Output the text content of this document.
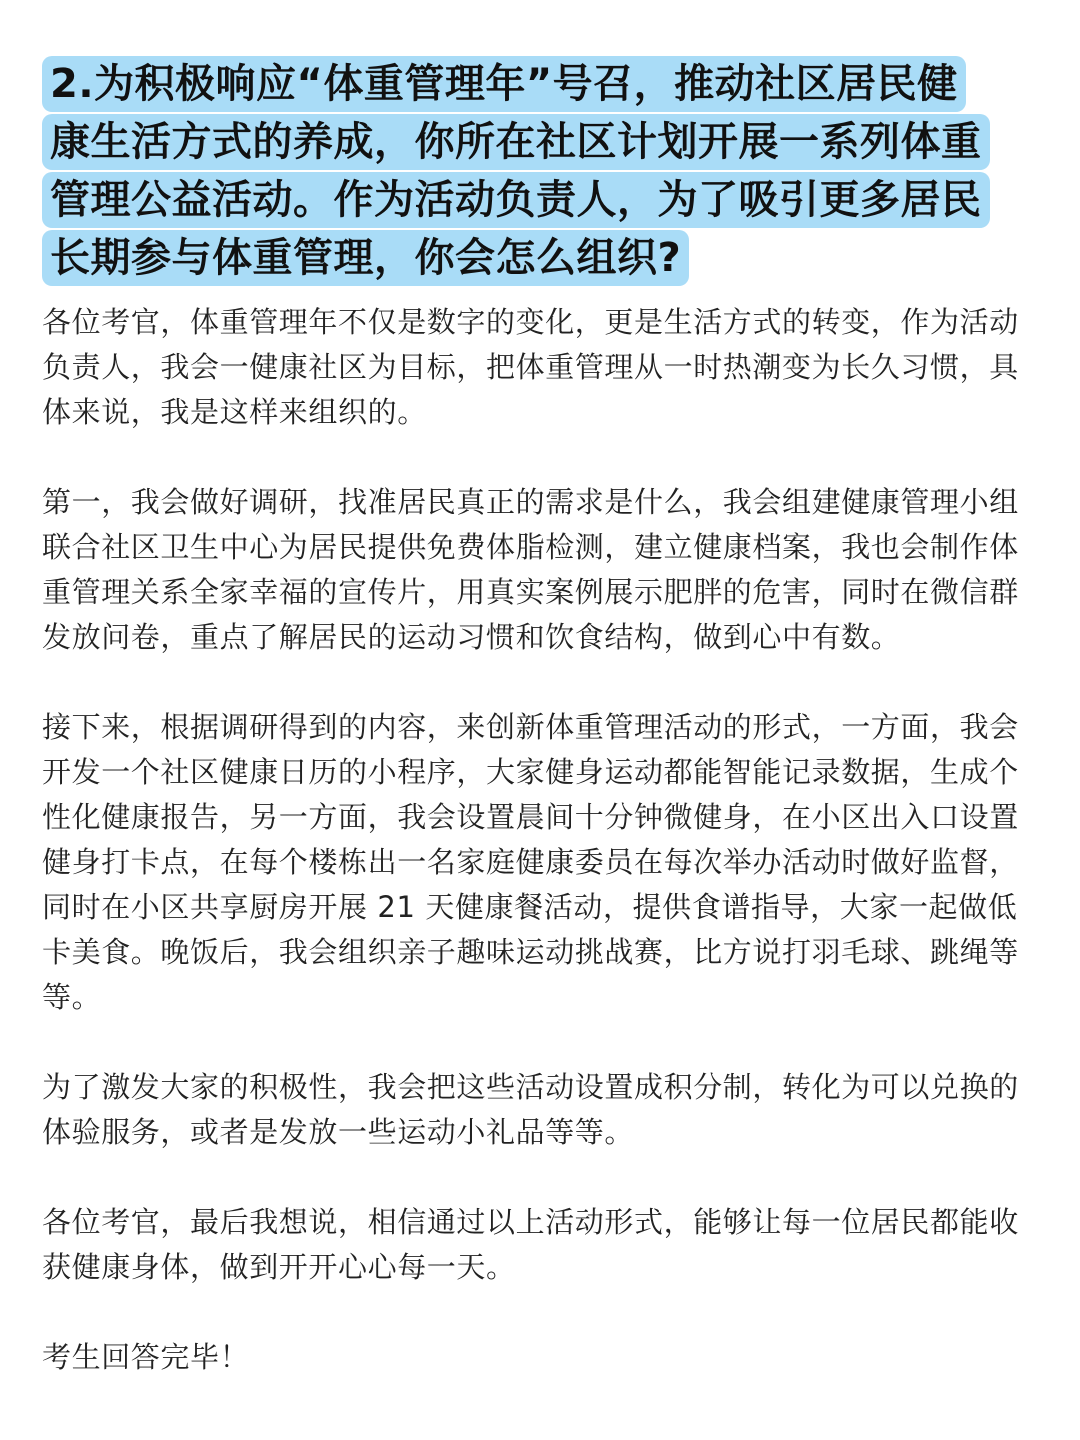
2.为积极响应“体重管理年”号召，推动社区居民健
康生活方式的养成，你所在社区计划开展一系列体重
管理公益活动。作为活动负责人，为了吸引更多居民
长期参与体重管理，你会怎么组织?

各位考官，体重管理年不仅是数字的变化，更是生活方式的转变，作为活动负责人，我会一健康社区为目标，把体重管理从一时热潮变为长久习惯，具体来说，我是这样来组织的。

第一，我会做好调研，找准居民真正的需求是什么，我会组建健康管理小组联合社区卫生中心为居民提供免费体脂检测，建立健康档案，我也会制作体重管理关系全家幸福的宣传片，用真实案例展示肥胖的危害，同时在微信群发放问卷，重点了解居民的运动习惯和饮食结构，做到心中有数。

接下来，根据调研得到的内容，来创新体重管理活动的形式，一方面，我会开发一个社区健康日历的小程序，大家健身运动都能智能记录数据，生成个性化健康报告，另一方面，我会设置晨间十分钟微健身，在小区出入口设置健身打卡点，在每个楼栋出一名家庭健康委员在每次举办活动时做好监督，同时在小区共享厨房开展 21 天健康餐活动，提供食谱指导，大家一起做低卡美食。晚饭后，我会组织亲子趣味运动挑战赛，比方说打羽毛球、跳绳等等。

为了激发大家的积极性，我会把这些活动设置成积分制，转化为可以兑换的体验服务，或者是发放一些运动小礼品等等。

各位考官，最后我想说，相信通过以上活动形式，能够让每一位居民都能收获健康身体，做到开开心心每一天。

考生回答完毕！
